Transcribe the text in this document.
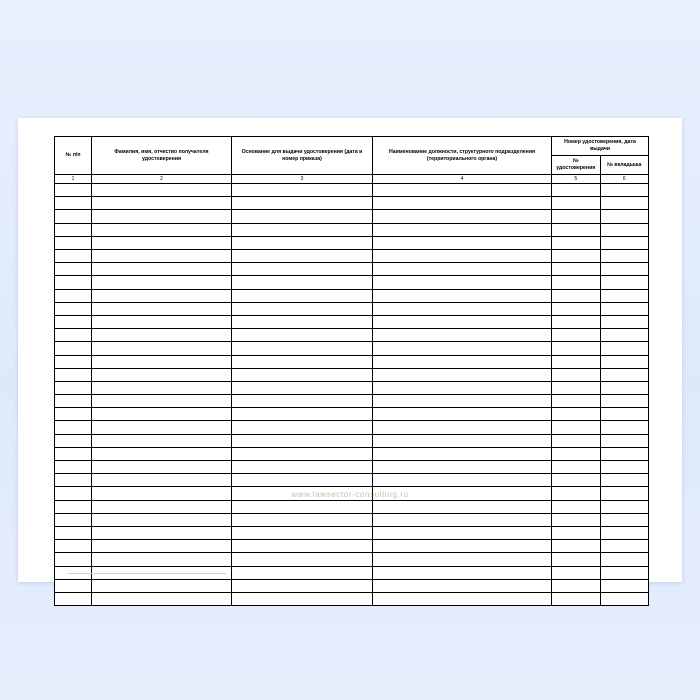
№ п/п	Фамилия, имя, отчество получателя удостоверения	Основание для выдачи удостоверения (дата и номер приказа)	Наименование должности, структурного подразделения (территориального органа)	Номер удостоверения, дата выдачи	
				№ удостоверения	№ вкладыша
1	2	3	4	5	6

www.lawsector-consulting.ru
